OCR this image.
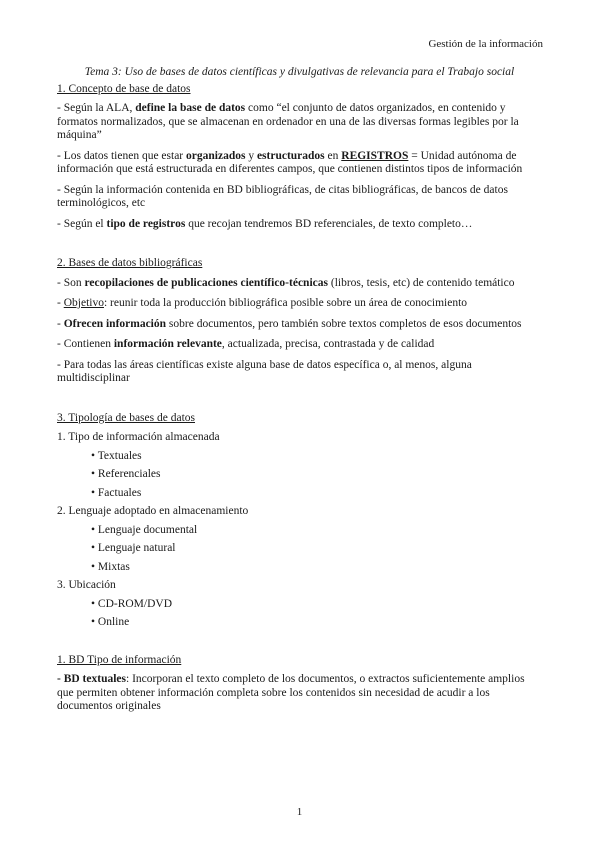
Gestión de la información

Tema 3: Uso de bases de datos científicas y divulgativas de relevancia para el Trabajo social

1. Concepto de base de datos

- Según la ALA, define la base de datos como “el conjunto de datos organizados, en contenido y formatos normalizados, que se almacenan en ordenador en una de las diversas formas legibles por la máquina”

- Los datos tienen que estar organizados y estructurados en REGISTROS = Unidad autónoma de información que está estructurada en diferentes campos, que contienen distintos tipos de información

- Según la información contenida en BD bibliográficas, de citas bibliográficas, de bancos de datos terminológicos, etc

- Según el tipo de registros que recojan tendremos BD referenciales, de texto completo…

2. Bases de datos bibliográficas

- Son recopilaciones de publicaciones científico-técnicas (libros, tesis, etc) de contenido temático

- Objetivo: reunir toda la producción bibliográfica posible sobre un área de conocimiento

- Ofrecen información sobre documentos, pero también sobre textos completos de esos documentos

- Contienen información relevante, actualizada, precisa, contrastada y de calidad

- Para todas las áreas científicas existe alguna base de datos específica o, al menos, alguna multidisciplinar

3. Tipología de bases de datos

1. Tipo de información almacenada

• Textuales

• Referenciales

• Factuales

2. Lenguaje adoptado en almacenamiento

• Lenguaje documental

• Lenguaje natural

• Mixtas

3. Ubicación

• CD-ROM/DVD

• Online

1. BD Tipo de información

- BD textuales: Incorporan el texto completo de los documentos, o extractos suficientemente amplios que permiten obtener información completa sobre los contenidos sin necesidad de acudir a los documentos originales

1
